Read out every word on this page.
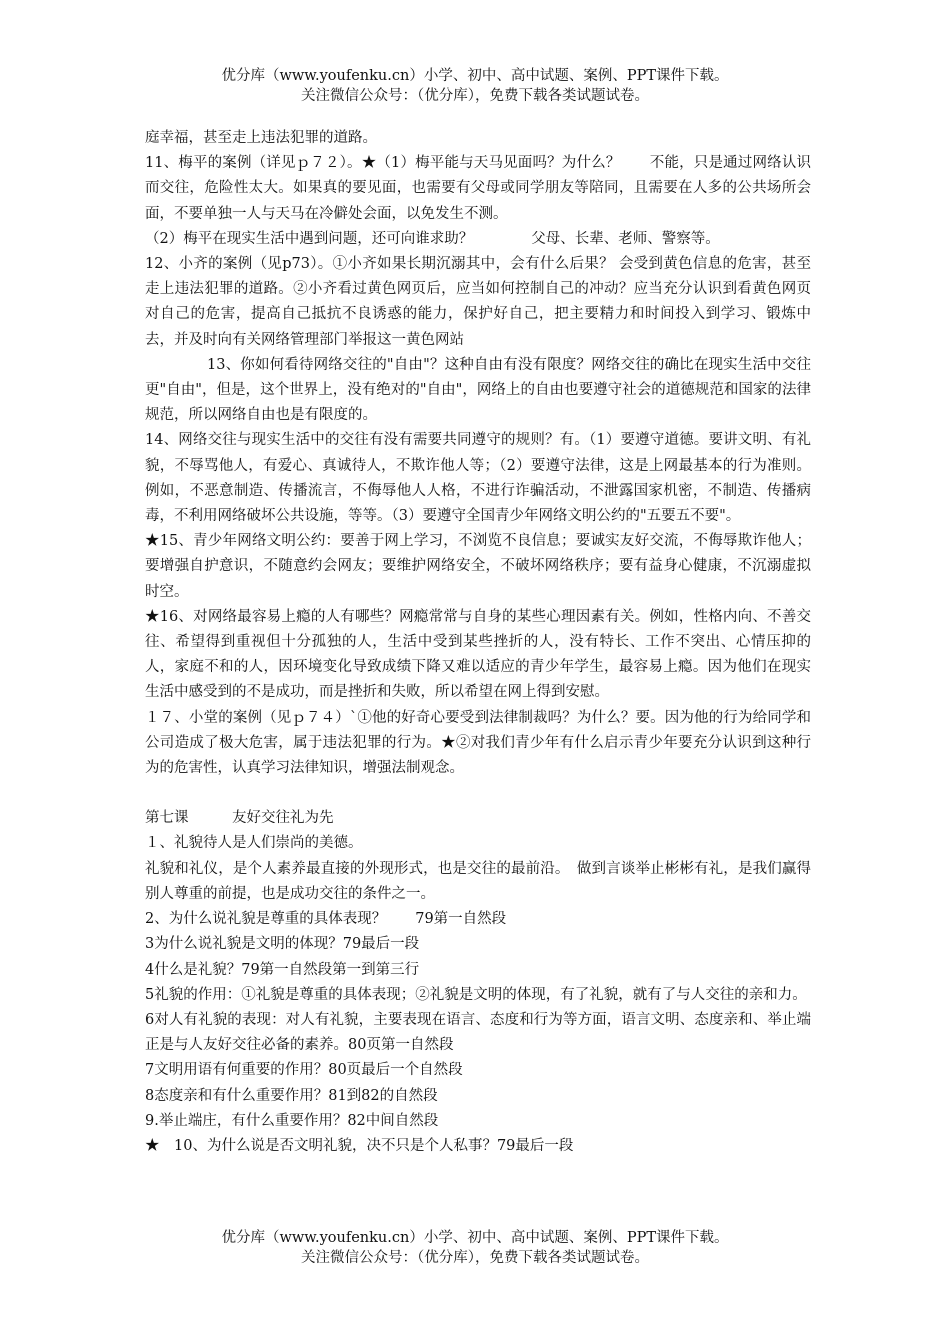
优分库（www.youfenku.cn）小学、初中、高中试题、案例、PPT课件下载。
关注微信公众号：（优分库），免费下载各类试题试卷。

庭幸福，甚至走上违法犯罪的道路。

11、梅平的案例（详见ｐ７２）。★（1）梅平能与天马见面吗？为什么？　　不能，只是通过网络认识而交往，危险性太大。如果真的要见面，也需要有父母或同学朋友等陪同，且需要在人多的公共场所会面，不要单独一人与天马在冷僻处会面，以免发生不测。

（2）梅平在现实生活中遇到问题，还可向谁求助？　　　　父母、长辈、老师、警察等。

12、小齐的案例（见p73）。①小齐如果长期沉溺其中，会有什么后果？ 会受到黄色信息的危害，甚至走上违法犯罪的道路。②小齐看过黄色网页后，应当如何控制自己的冲动？应当充分认识到看黄色网页对自己的危害，提高自己抵抗不良诱惑的能力，保护好自己，把主要精力和时间投入到学习、锻炼中去，并及时向有关网络管理部门举报这一黄色网站

13、你如何看待网络交往的"自由"？这种自由有没有限度？网络交往的确比在现实生活中交往更"自由"，但是，这个世界上，没有绝对的"自由"，网络上的自由也要遵守社会的道德规范和国家的法律规范，所以网络自由也是有限度的。

14、网络交往与现实生活中的交往有没有需要共同遵守的规则？有。（1）要遵守道德。要讲文明、有礼貌，不辱骂他人，有爱心、真诚待人，不欺诈他人等；（2）要遵守法律，这是上网最基本的行为准则。例如，不恶意制造、传播流言，不侮辱他人人格，不进行诈骗活动，不泄露国家机密，不制造、传播病毒，不利用网络破坏公共设施，等等。（3）要遵守全国青少年网络文明公约的"五要五不要"。

★15、青少年网络文明公约：要善于网上学习，不浏览不良信息；要诚实友好交流，不侮辱欺诈他人；要增强自护意识，不随意约会网友；要维护网络安全，不破坏网络秩序；要有益身心健康，不沉溺虚拟时空。

★16、对网络最容易上瘾的人有哪些？网瘾常常与自身的某些心理因素有关。例如，性格内向、不善交往、希望得到重视但十分孤独的人，生活中受到某些挫折的人，没有特长、工作不突出、心情压抑的人，家庭不和的人，因环境变化导致成绩下降又难以适应的青少年学生，最容易上瘾。因为他们在现实生活中感受到的不是成功，而是挫折和失败，所以希望在网上得到安慰。

１７、小堂的案例（见ｐ７４）`①他的好奇心要受到法律制裁吗？为什么？要。因为他的行为给同学和公司造成了极大危害，属于违法犯罪的行为。★②对我们青少年有什么启示青少年要充分认识到这种行为的危害性，认真学习法律知识，增强法制观念。

第七课　　　友好交往礼为先

１、礼貌待人是人们崇尚的美德。

礼貌和礼仪，是个人素养最直接的外现形式，也是交往的最前沿。　做到言谈举止彬彬有礼，是我们赢得别人尊重的前提，也是成功交往的条件之一。

2、为什么说礼貌是尊重的具体表现？　　79第一自然段

3为什么说礼貌是文明的体现？79最后一段

4什么是礼貌？79第一自然段第一到第三行

5礼貌的作用：①礼貌是尊重的具体表现；②礼貌是文明的体现，有了礼貌，就有了与人交往的亲和力。

6对人有礼貌的表现：对人有礼貌，主要表现在语言、态度和行为等方面，语言文明、态度亲和、举止端正是与人友好交往必备的素养。80页第一自然段

7文明用语有何重要的作用？80页最后一个自然段

8态度亲和有什么重要作用？81到82的自然段

9.举止端庄，有什么重要作用？82中间自然段

★　10、为什么说是否文明礼貌，决不只是个人私事？79最后一段

优分库（www.youfenku.cn）小学、初中、高中试题、案例、PPT课件下载。
关注微信公众号：（优分库），免费下载各类试题试卷。
